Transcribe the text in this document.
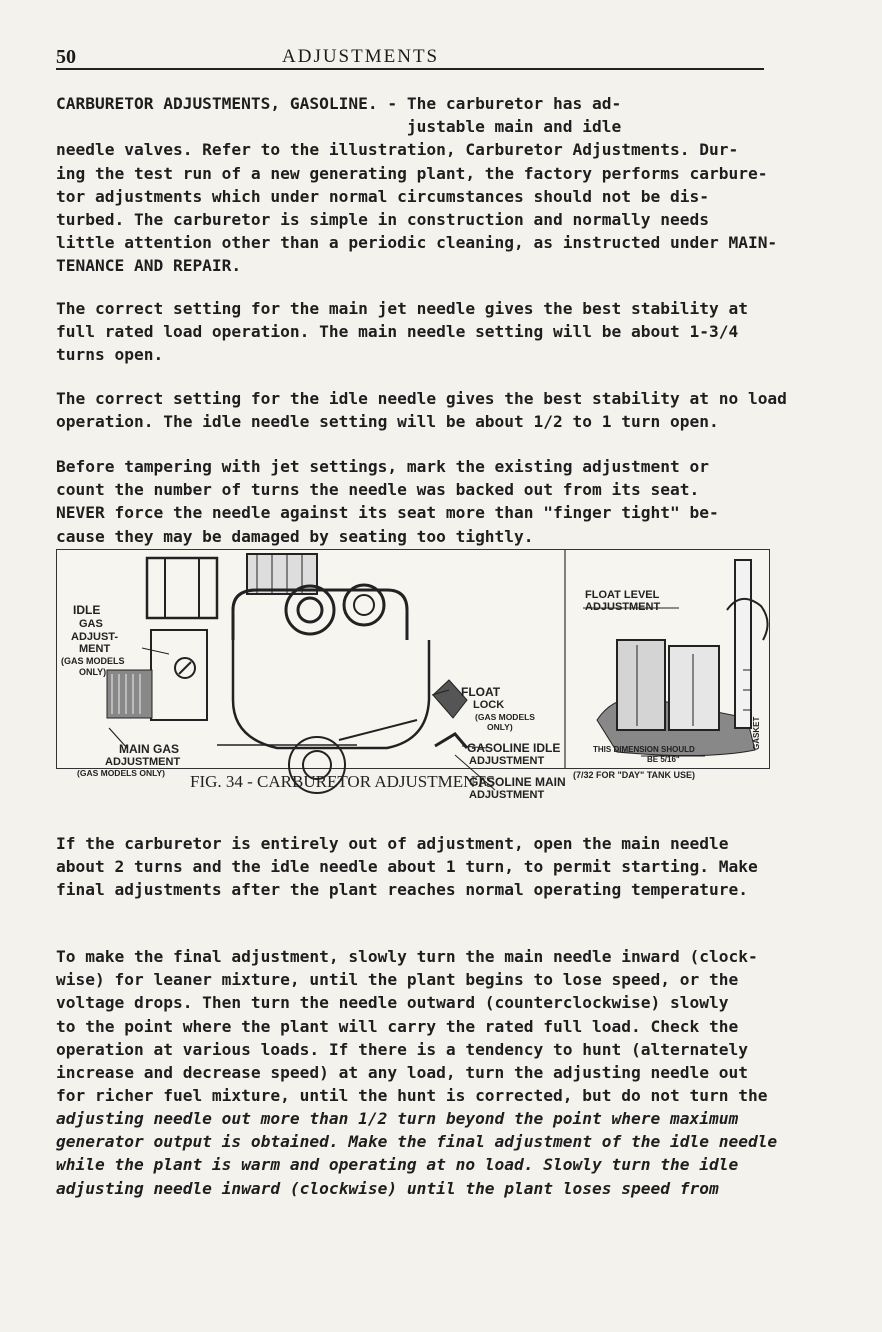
50	ADJUSTMENTS
CARBURETOR ADJUSTMENTS, GASOLINE. - The carburetor has ad-
justable main and idle
needle valves. Refer to the illustration, Carburetor Adjustments. Dur-
ing the test run of a new generating plant, the factory performs carbure-
tor adjustments which under normal circumstances should not be dis-
turbed. The carburetor is simple in construction and normally needs
little attention other than a periodic cleaning, as instructed under MAIN-
TENANCE AND REPAIR.
The correct setting for the main jet needle gives the best stability at
full rated load operation. The main needle setting will be about 1-3/4
turns open.
The correct setting for the idle needle gives the best stability at no load
operation. The idle needle setting will be about 1/2 to 1 turn open.
Before tampering with jet settings, mark the existing adjustment or
count the number of turns the needle was backed out from its seat.
NEVER force the needle against its seat more than "finger tight" be-
cause they may be damaged by seating too tightly.
IDLE
GAS
ADJUST-
MENT
(GAS MODELS
ONLY)
MAIN GAS
ADJUSTMENT
(GAS MODELS ONLY)
FLOAT
LOCK
(GAS MODELS
ONLY)
GASOLINE IDLE
ADJUSTMENT
GASOLINE MAIN
ADJUSTMENT
FLOAT LEVEL
ADJUSTMENT
THIS DIMENSION SHOULD
BE 5/16"
(7/32 FOR "DAY" TANK USE)
GASKET
FIG. 34 - CARBURETOR ADJUSTMENTS
If the carburetor is entirely out of adjustment, open the main needle
about 2 turns and the idle needle about 1 turn, to permit starting. Make
final adjustments after the plant reaches normal operating temperature.
To make the final adjustment, slowly turn the main needle inward (clock-
wise) for leaner mixture, until the plant begins to lose speed, or the
voltage drops. Then turn the needle outward (counterclockwise) slowly
to the point where the plant will carry the rated full load. Check the
operation at various loads. If there is a tendency to hunt (alternately
increase and decrease speed) at any load, turn the adjusting needle out
for richer fuel mixture, until the hunt is corrected, but do not turn the
adjusting needle out more than 1/2 turn beyond the point where maximum
generator output is obtained. Make the final adjustment of the idle needle
while the plant is warm and operating at no load. Slowly turn the idle
adjusting needle inward (clockwise) until the plant loses speed from
